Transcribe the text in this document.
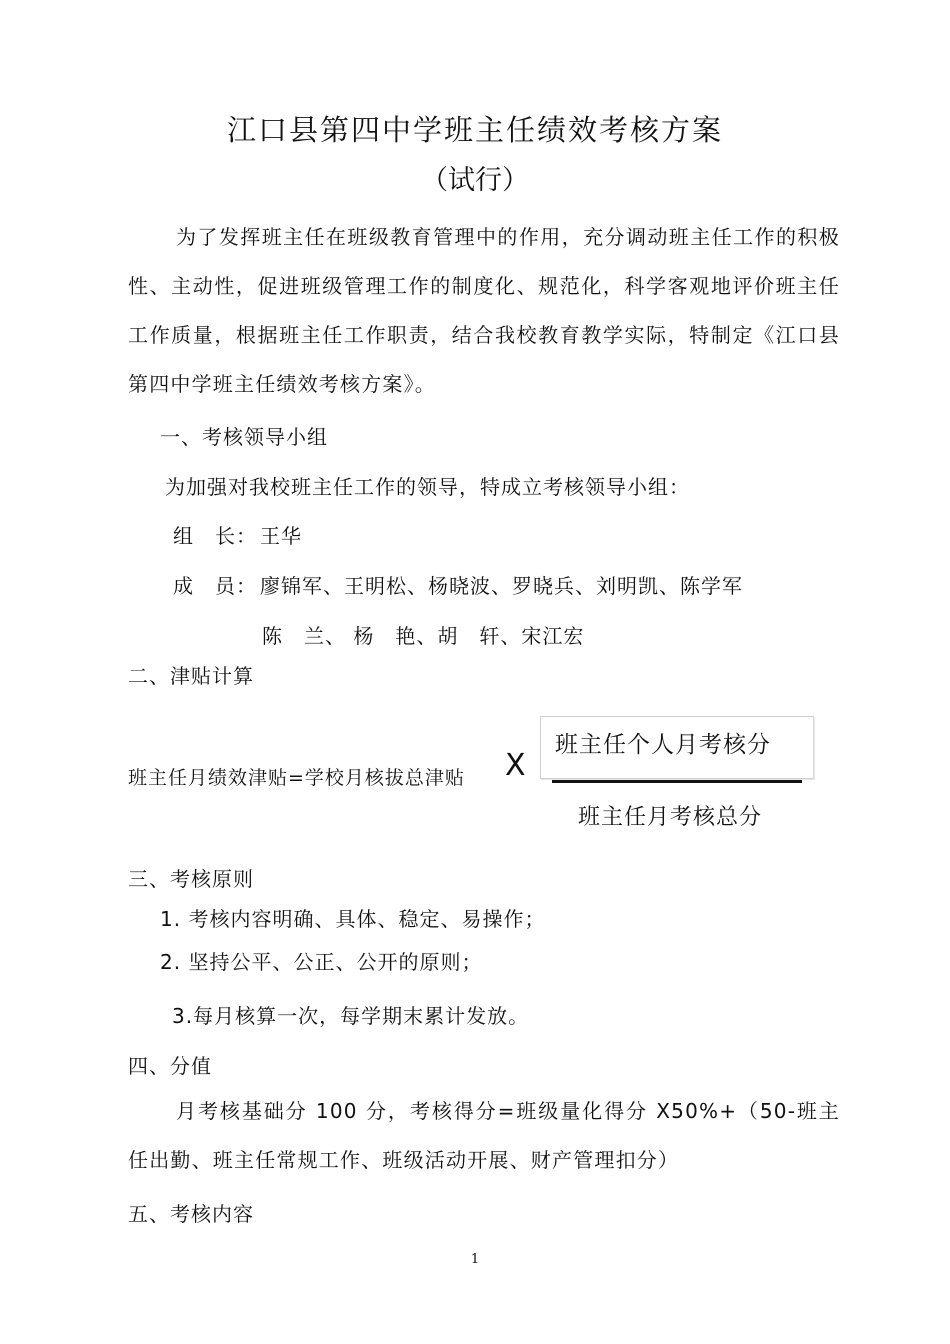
江口县第四中学班主任绩效考核方案
（试行）
为了发挥班主任在班级教育管理中的作用，充分调动班主任工作的积极性、主动性，促进班级管理工作的制度化、规范化，科学客观地评价班主任工作质量，根据班主任工作职责，结合我校教育教学实际，特制定《江口县第四中学班主任绩效考核方案》。
一、考核领导小组
为加强对我校班主任工作的领导，特成立考核领导小组：
组　长： 王华
成　员： 廖锦军、王明松、杨晓波、罗晓兵、刘明凯、陈学军
陈　兰、 杨　艳、胡　轩、宋江宏
二、津贴计算
班主任月绩效津贴=学校月核拔总津贴 X
班主任个人月考核分
班主任月考核总分
三、考核原则
1. 考核内容明确、具体、稳定、易操作；
2. 坚持公平、公正、公开的原则；
3.每月核算一次，每学期末累计发放。
四、分值
月考核基础分 100 分，考核得分=班级量化得分 X50%+（50-班主任出勤、班主任常规工作、班级活动开展、财产管理扣分）
五、考核内容
1
